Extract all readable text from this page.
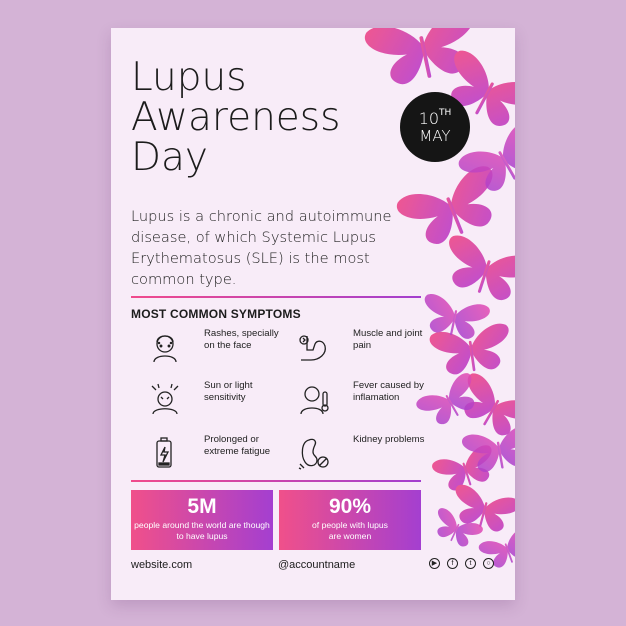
Lupus
Awareness
Day
10TH
MAY

Lupus is a chronic and autoimmune disease, of which Systemic Lupus Erythematosus (SLE) is the most common type.

MOST COMMON SYMPTOMS
Rashes, specially on the face
Muscle and joint pain
Sun or light sensitivity
Fever caused by inflamation
Prolonged or extreme fatigue
Kidney problems
5M
people around the world are though to have lupus
90%
of people with lupus are women
website.com	@accountname	▶	f	t	○
